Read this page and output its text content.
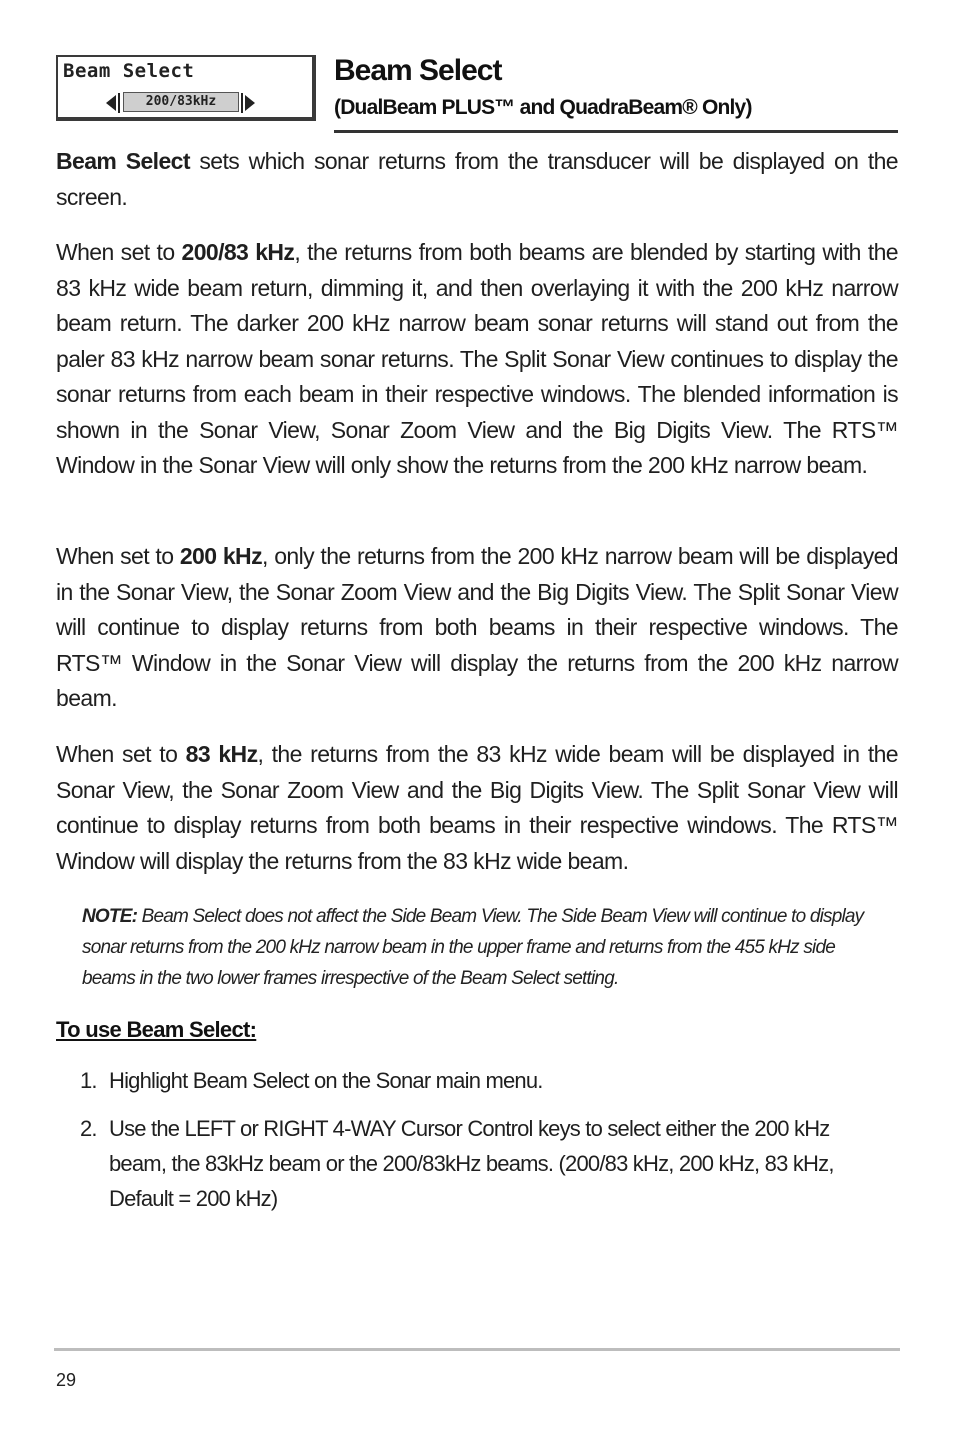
Beam Select
200/83kHz
Beam Select
(DualBeam PLUS™ and QuadraBeam® Only)

Beam Select sets which sonar returns from the transducer will be displayed on the screen.

When set to 200/83 kHz, the returns from both beams are blended by starting with the 83 kHz wide beam return, dimming it, and then overlaying it with the 200 kHz narrow beam return. The darker 200 kHz narrow beam sonar returns will stand out from the paler 83 kHz narrow beam sonar returns. The Split Sonar View continues to display the sonar returns from each beam in their respective windows. The blended information is shown in the Sonar View, Sonar Zoom View and the Big Digits View. The RTS™ Window in the Sonar View will only show the returns from the 200 kHz narrow beam.

When set to 200 kHz, only the returns from the 200 kHz narrow beam will be displayed in the Sonar View, the Sonar Zoom View and the Big Digits View. The Split Sonar View will continue to display returns from both beams in their respective windows. The RTS™ Window in the Sonar View will display the returns from the 200 kHz narrow beam.

When set to 83 kHz, the returns from the 83 kHz wide beam will be displayed in the Sonar View, the Sonar Zoom View and the Big Digits View. The Split Sonar View will continue to display returns from both beams in their respective windows. The RTS™ Window will display the returns from the 83 kHz wide beam.

NOTE: Beam Select does not affect the Side Beam View. The Side Beam View will continue to display sonar returns from the 200 kHz narrow beam in the upper frame and returns from the 455 kHz side beams in the two lower frames irrespective of the Beam Select setting.

To use Beam Select:
1. Highlight Beam Select on the Sonar main menu.
2. Use the LEFT or RIGHT 4-WAY Cursor Control keys to select either the 200 kHz beam, the 83kHz beam or the 200/83kHz beams. (200/83 kHz, 200 kHz, 83 kHz, Default = 200 kHz)
29
